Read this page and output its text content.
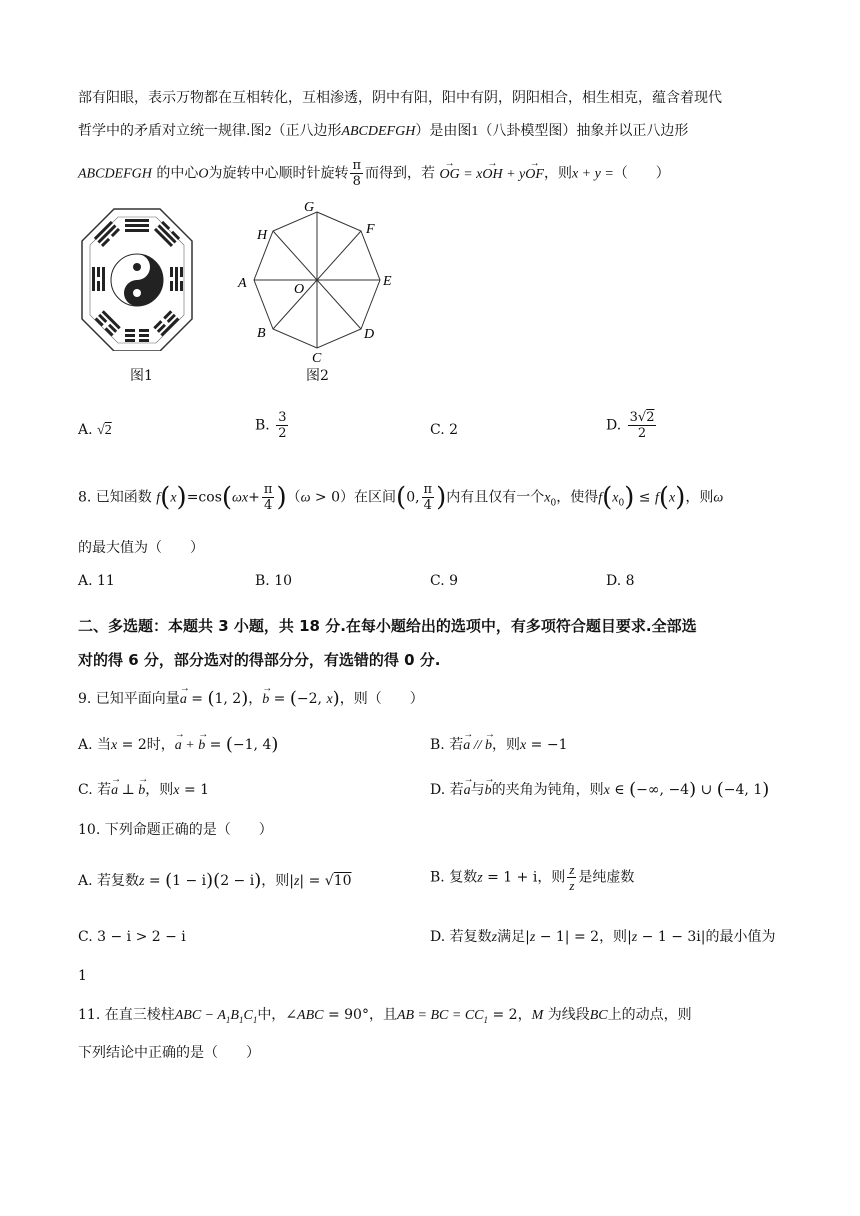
部有阳眼，表示万物都在互相转化，互相渗透，阴中有阳，阳中有阴，阴阳相合，相生相克，蕴含着现代
哲学中的矛盾对立统一规律.图2（正八边形ABCDEFGH）是由图1（八卦模型图）抽象并以正八边形
ABCDEFGH 的中心O为旋转中心顺时针旋转 $\frac{\pi}{8}$ 而得到，若 OG → = xOH → + yOF →，则x + y =（　　）
图1
G
F
E
D
C
B
A
H
O
图2
A. √2	B. $\frac{3}{2}$	C. 2	D. $\frac{3√2}{2}$
8. 已知函数 $f(x)=\cos(\omega x+ \frac{\pi}{4} )(\omega > 0)$在区间(0, $\frac{\pi}{4}$ )内有且仅有一个$x_0$，使得$f(x_0) \le f(x)$，则ω
的最大值为（　　）
A. 11	B. 10	C. 9	D. 8
二、多选题：本题共 3 小题，共 18 分.在每小题给出的选项中，有多项符合题目要求.全部选
对的得 6 分，部分选对的得部分分，有选错的得 0 分.
9. 已知平面向量a → = (1, 2)，b → = (−2, x)，则（　　）
A. 当x = 2时，a → + b → = (−1, 4)	B. 若a → // b →，则x = −1
C. 若a → ⊥ b →，则x = 1	D. 若a →与b →的夹角为钝角，则x ∈ (−∞, −4) ∪ (−4, 1)
10. 下列命题正确的是（　　）
A. 若复数z = (1 − i)(2 − i)，则|z| = √10	B. 复数z = 1 + i，则 $\frac{z}{z}$ 是纯虚数
C. 3 − i > 2 − i	D. 若复数z满足|z − 1| = 2，则|z − 1 − 3i|的最小值为
1
11. 在直三棱柱ABC − $A_1B_1C_1$中，∠ABC = 90°，且AB = BC = $CC_1 = 2$，M 为线段BC上的动点，则
下列结论中正确的是（　　）
